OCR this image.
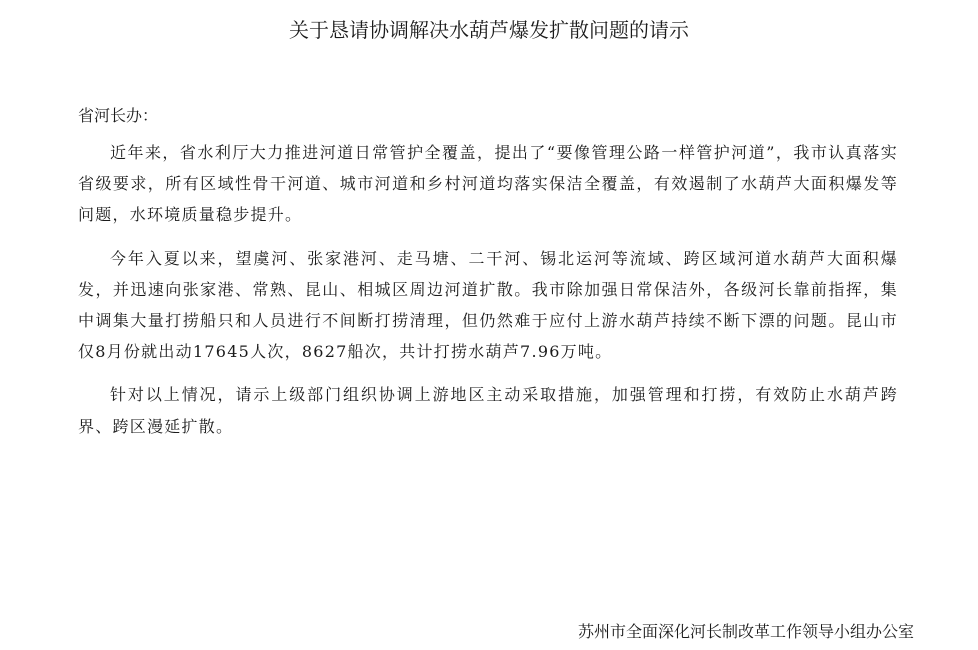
关于恳请协调解决水葫芦爆发扩散问题的请示

省河长办：

近年来，省水利厅大力推进河道日常管护全覆盖，提出了“要像管理公路一样管护河道”，我市认真落实省级要求，所有区域性骨干河道、城市河道和乡村河道均落实保洁全覆盖，有效遏制了水葫芦大面积爆发等问题，水环境质量稳步提升。

今年入夏以来，望虞河、张家港河、走马塘、二干河、锡北运河等流域、跨区域河道水葫芦大面积爆发，并迅速向张家港、常熟、昆山、相城区周边河道扩散。我市除加强日常保洁外，各级河长靠前指挥，集中调集大量打捞船只和人员进行不间断打捞清理，但仍然难于应付上游水葫芦持续不断下漂的问题。昆山市仅8月份就出动17645人次，8627船次，共计打捞水葫芦7.96万吨。

针对以上情况，请示上级部门组织协调上游地区主动采取措施，加强管理和打捞，有效防止水葫芦跨界、跨区漫延扩散。

苏州市全面深化河长制改革工作领导小组办公室
